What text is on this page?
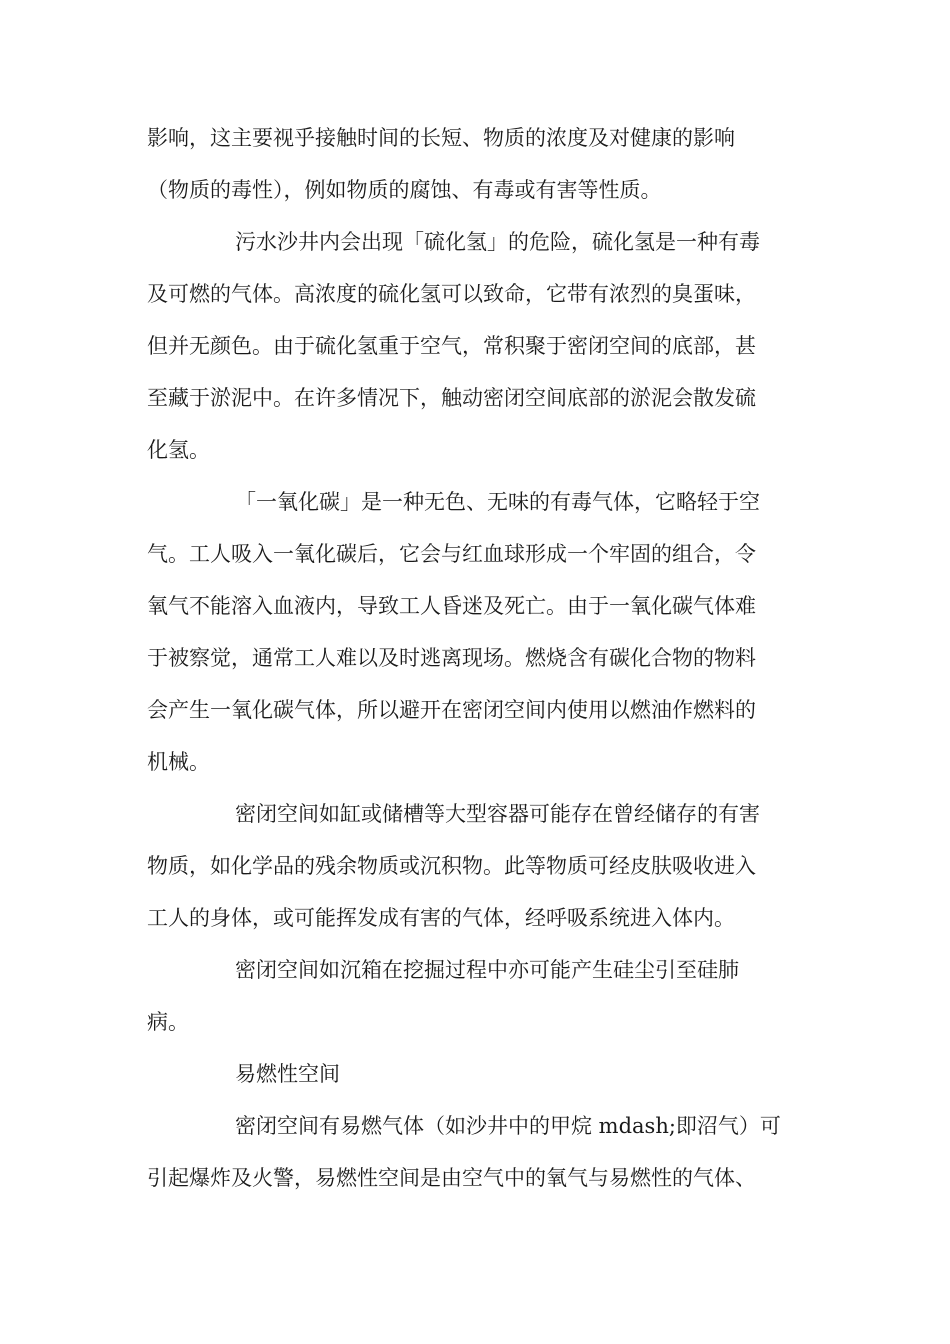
影响，这主要视乎接触时间的长短、物质的浓度及对健康的影响
（物质的毒性），例如物质的腐蚀、有毒或有害等性质。
污水沙井内会出现「硫化氢」的危险，硫化氢是一种有毒
及可燃的气体。高浓度的硫化氢可以致命，它带有浓烈的臭蛋味，
但并无颜色。由于硫化氢重于空气，常积聚于密闭空间的底部，甚
至藏于淤泥中。在许多情况下，触动密闭空间底部的淤泥会散发硫
化氢。
「一氧化碳」是一种无色、无味的有毒气体，它略轻于空
气。工人吸入一氧化碳后，它会与红血球形成一个牢固的组合，令
氧气不能溶入血液内，导致工人昏迷及死亡。由于一氧化碳气体难
于被察觉，通常工人难以及时逃离现场。燃烧含有碳化合物的物料
会产生一氧化碳气体，所以避开在密闭空间内使用以燃油作燃料的
机械。
密闭空间如缸或储槽等大型容器可能存在曾经储存的有害
物质，如化学品的残余物质或沉积物。此等物质可经皮肤吸收进入
工人的身体，或可能挥发成有害的气体，经呼吸系统进入体内。
密闭空间如沉箱在挖掘过程中亦可能产生硅尘引至硅肺
病。
易燃性空间
密闭空间有易燃气体（如沙井中的甲烷 mdash;即沼气）可
引起爆炸及火警，易燃性空间是由空气中的氧气与易燃性的气体、
